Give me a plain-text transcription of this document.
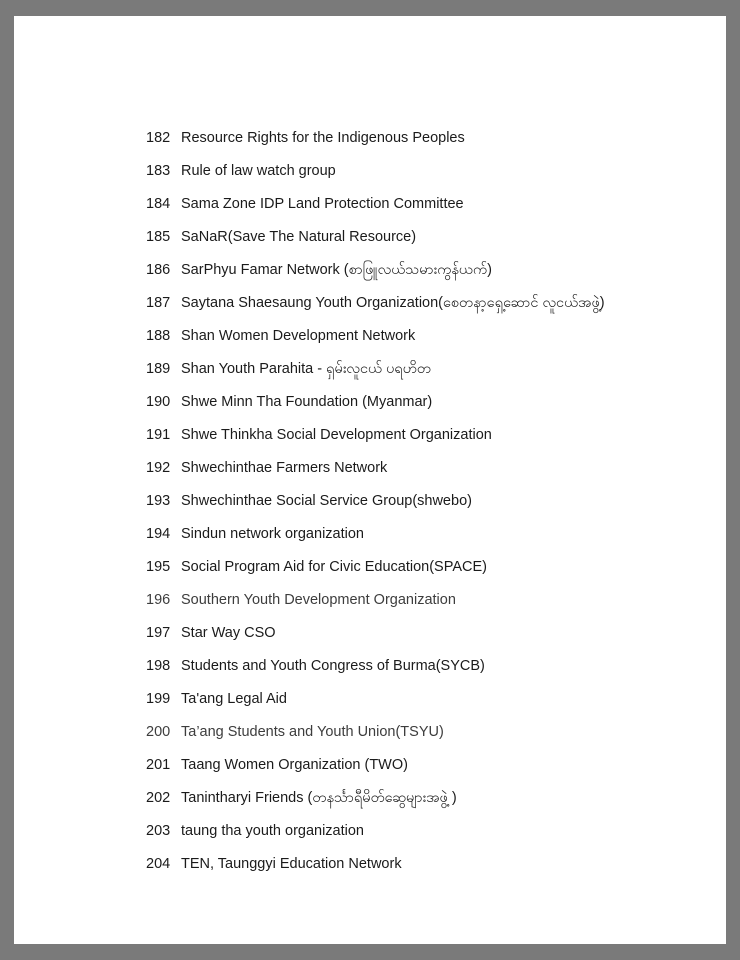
182 Resource Rights for the Indigenous Peoples
183 Rule of law watch group
184 Sama Zone IDP Land Protection Committee
185 SaNaR(Save The Natural Resource)
186 SarPhyu Famar Network (စာဖြူလယ်သမားကွန်ယက်)
187 Saytana Shaesaung Youth Organization(စေတနာ့ရှေ့ဆောင် လူငယ်အဖွဲ့)
188 Shan Women Development Network
189 Shan Youth Parahita - ရှမ်းလူငယ် ပရဟိတ
190 Shwe Minn Tha Foundation (Myanmar)
191 Shwe Thinkha Social Development Organization
192 Shwechinthae Farmers Network
193 Shwechinthae Social Service Group(shwebo)
194 Sindun network organization
195 Social Program Aid for Civic Education(SPACE)
196 Southern Youth Development Organization
197 Star Way CSO
198 Students and Youth Congress of Burma(SYCB)
199 Ta'ang Legal Aid
200 Ta’ang Students and Youth Union(TSYU)
201 Taang Women Organization (TWO)
202 Tanintharyi Friends (တနင်္သာရီမိတ်ဆွေများအဖွဲ့ )
203 taung tha youth organization
204 TEN, Taunggyi Education Network
